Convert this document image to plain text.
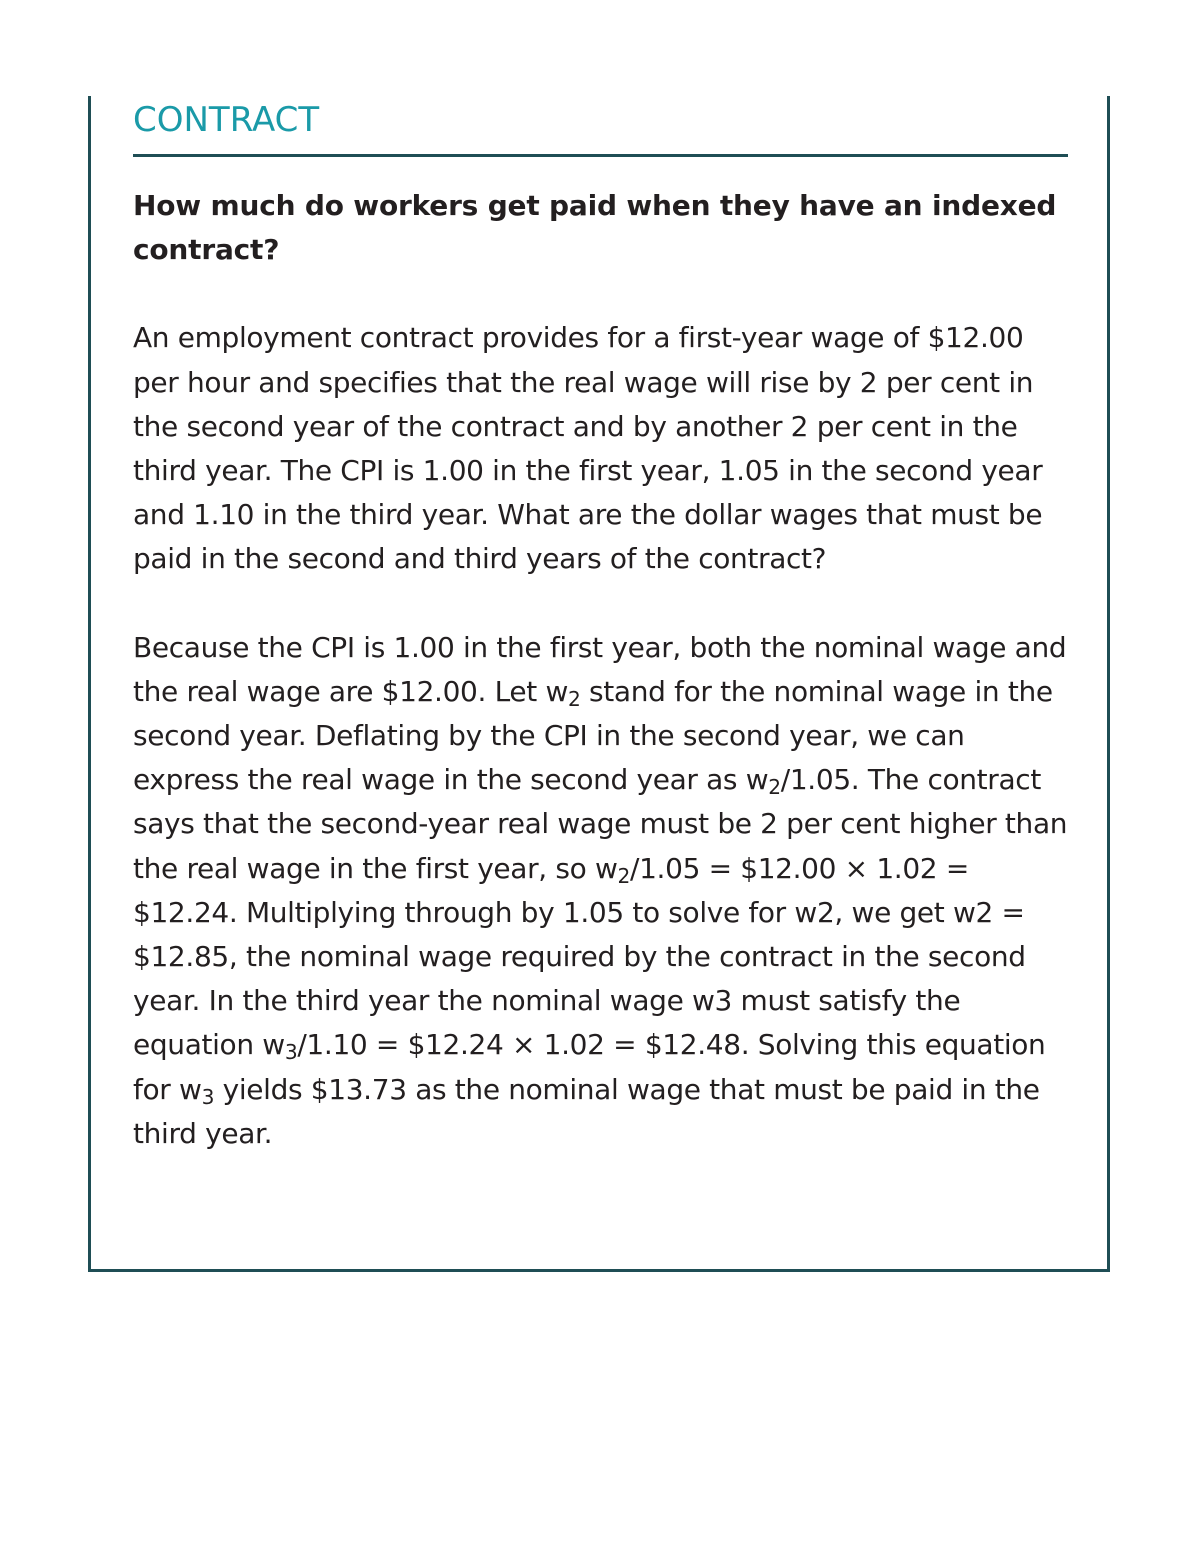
CONTRACT

How much do workers get paid when they have an indexed contract?

An employment contract provides for a first-year wage of $12.00 per hour and specifies that the real wage will rise by 2 per cent in the second year of the contract and by another 2 per cent in the third year. The CPI is 1.00 in the first year, 1.05 in the second year and 1.10 in the third year. What are the dollar wages that must be paid in the second and third years of the contract?

Because the CPI is 1.00 in the first year, both the nominal wage and the real wage are $12.00. Let $w_2$ stand for the nominal wage in the second year. Deflating by the CPI in the second year, we can express the real wage in the second year as $w_2/1.05$. The contract says that the second-year real wage must be 2 per cent higher than the real wage in the first year, so $w_2/1.05$ = $12.00 × 1.02 = $12.24. Multiplying through by 1.05 to solve for w2, we get w2 = $12.85, the nominal wage required by the contract in the second year. In the third year the nominal wage w3 must satisfy the equation $w_3/1.10$ = $12.24 × 1.02 = $12.48. Solving this equation for $w_3$ yields $13.73 as the nominal wage that must be paid in the third year.
